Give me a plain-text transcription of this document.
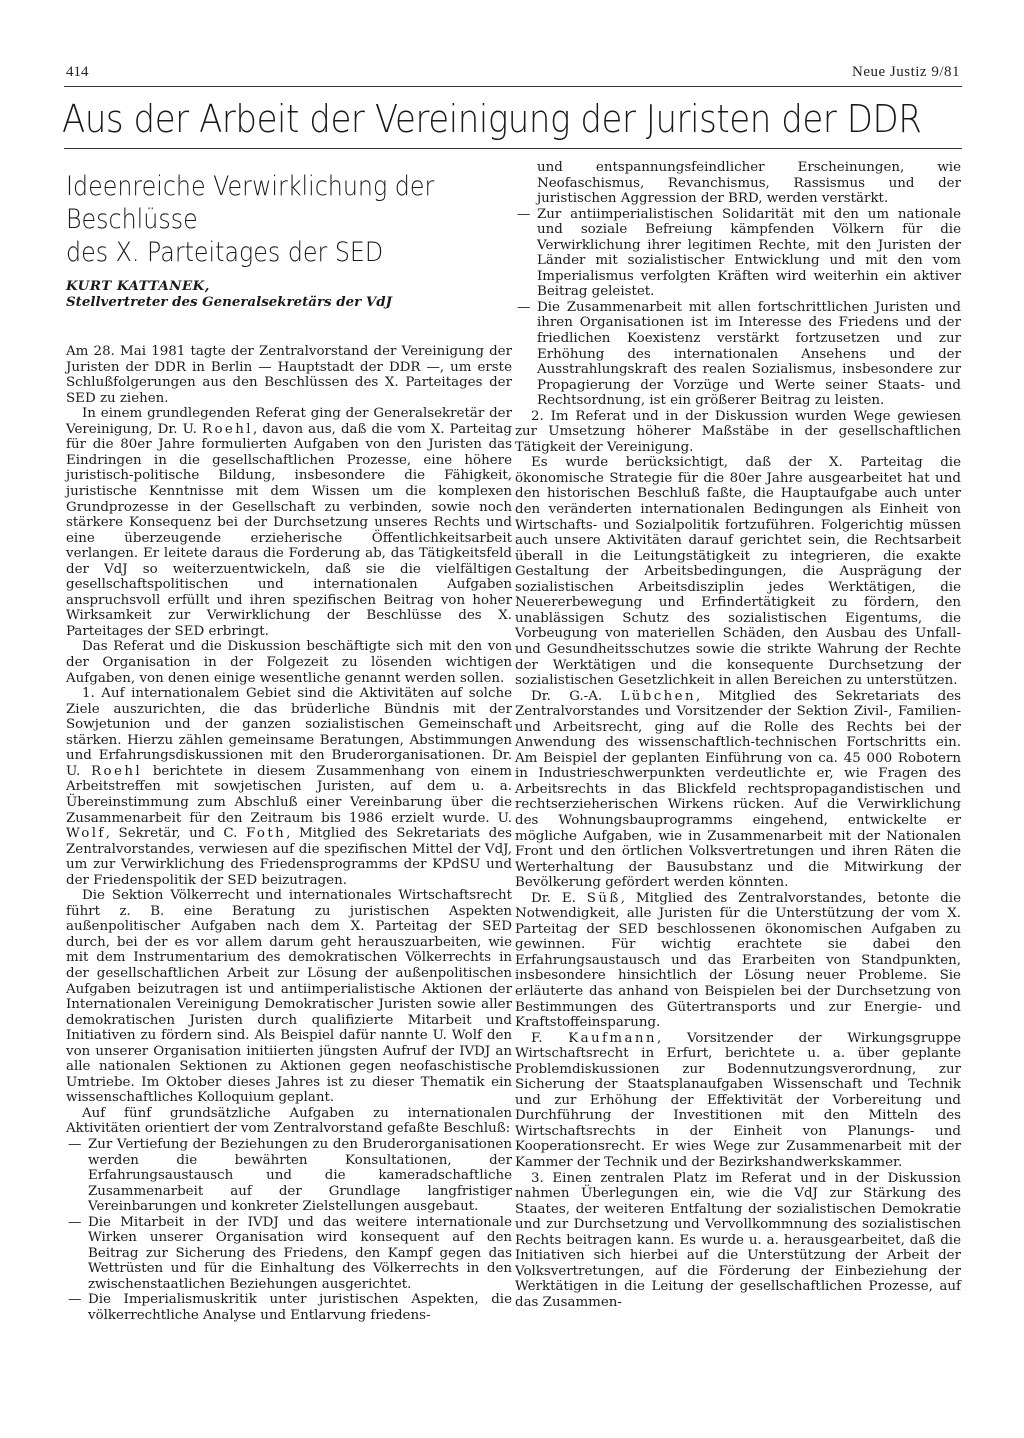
414	Neue Justiz 9/81
Aus der Arbeit der Vereinigung der Juristen der DDR
Ideenreiche Verwirklichung der Beschlüsse
des X. Parteitages der SED
KURT KATTANEK,
Stellvertreter des Generalsekretärs der VdJ

Am 28. Mai 1981 tagte der Zentralvorstand der Vereinigung der Juristen der DDR in Berlin — Hauptstadt der DDR —, um erste Schlußfolgerungen aus den Beschlüssen des X. Parteitages der SED zu ziehen.

In einem grundlegenden Referat ging der Generalsekretär der Vereinigung, Dr. U. Roehl, davon aus, daß die vom X. Parteitag für die 80er Jahre formulierten Aufgaben von den Juristen das Eindringen in die gesellschaftlichen Prozesse, eine höhere juristisch-politische Bildung, insbesondere die Fähigkeit, juristische Kenntnisse mit dem Wissen um die komplexen Grundprozesse in der Gesellschaft zu verbinden, sowie noch stärkere Konsequenz bei der Durchsetzung unseres Rechts und eine überzeugende erzieherische Öffentlichkeitsarbeit verlangen. Er leitete daraus die Forderung ab, das Tätigkeitsfeld der VdJ so weiterzuentwickeln, daß sie die vielfältigen gesellschaftspolitischen und internationalen Aufgaben anspruchsvoll erfüllt und ihren spezifischen Beitrag von hoher Wirksamkeit zur Verwirklichung der Beschlüsse des X. Parteitages der SED erbringt.

Das Referat und die Diskussion beschäftigte sich mit den von der Organisation in der Folgezeit zu lösenden wichtigen Aufgaben, von denen einige wesentliche genannt werden sollen.

1. Auf internationalem Gebiet sind die Aktivitäten auf solche Ziele auszurichten, die das brüderliche Bündnis mit der Sowjetunion und der ganzen sozialistischen Gemeinschaft stärken. Hierzu zählen gemeinsame Beratungen, Abstimmungen und Erfahrungsdiskussionen mit den Bruderorganisationen. Dr. U. Roehl berichtete in diesem Zusammenhang von einem Arbeitstreffen mit sowjetischen Juristen, auf dem u. a. Übereinstimmung zum Abschluß einer Vereinbarung über die Zusammenarbeit für den Zeitraum bis 1986 erzielt wurde. U. Wolf, Sekretär, und C. Foth, Mitglied des Sekretariats des Zentralvorstandes, verwiesen auf die spezifischen Mittel der VdJ, um zur Verwirklichung des Friedensprogramms der KPdSU und der Friedenspolitik der SED beizutragen.

Die Sektion Völkerrecht und internationales Wirtschaftsrecht führt z. B. eine Beratung zu juristischen Aspekten außenpolitischer Aufgaben nach dem X. Parteitag der SED durch, bei der es vor allem darum geht herauszuarbeiten, wie mit dem Instrumentarium des demokratischen Völkerrechts in der gesellschaftlichen Arbeit zur Lösung der außenpolitischen Aufgaben beizutragen ist und antiimperialistische Aktionen der Internationalen Vereinigung Demokratischer Juristen sowie aller demokratischen Juristen durch qualifizierte Mitarbeit und Initiativen zu fördern sind. Als Beispiel dafür nannte U. Wolf den von unserer Organisation initiierten jüngsten Aufruf der IVDJ an alle nationalen Sektionen zu Aktionen gegen neofaschistische Umtriebe. Im Oktober dieses Jahres ist zu dieser Thematik ein wissenschaftliches Kolloquium geplant.

Auf fünf grundsätzliche Aufgaben zu internationalen Aktivitäten orientiert der vom Zentralvorstand gefaßte Beschluß:

— Zur Vertiefung der Beziehungen zu den Bruderorganisationen werden die bewährten Konsultationen, der Erfahrungsaustausch und die kameradschaftliche Zusammenarbeit auf der Grundlage langfristiger Vereinbarungen und konkreter Zielstellungen ausgebaut.
— Die Mitarbeit in der IVDJ und das weitere internationale Wirken unserer Organisation wird konsequent auf den Beitrag zur Sicherung des Friedens, den Kampf gegen das Wettrüsten und für die Einhaltung des Völkerrechts in den zwischenstaatlichen Beziehungen ausgerichtet.
— Die Imperialismuskritik unter juristischen Aspekten, die völkerrechtliche Analyse und Entlarvung friedens-

und entspannungsfeindlicher Erscheinungen, wie Neofaschismus, Revanchismus, Rassismus und der juristischen Aggression der BRD, werden verstärkt.

— Zur antiimperialistischen Solidarität mit den um nationale und soziale Befreiung kämpfenden Völkern für die Verwirklichung ihrer legitimen Rechte, mit den Juristen der Länder mit sozialistischer Entwicklung und mit den vom Imperialismus verfolgten Kräften wird weiterhin ein aktiver Beitrag geleistet.
— Die Zusammenarbeit mit allen fortschrittlichen Juristen und ihren Organisationen ist im Interesse des Friedens und der friedlichen Koexistenz verstärkt fortzusetzen und zur Erhöhung des internationalen Ansehens und der Ausstrahlungskraft des realen Sozialismus, insbesondere zur Propagierung der Vorzüge und Werte seiner Staats- und Rechtsordnung, ist ein größerer Beitrag zu leisten.

2. Im Referat und in der Diskussion wurden Wege gewiesen zur Umsetzung höherer Maßstäbe in der gesellschaftlichen Tätigkeit der Vereinigung.

Es wurde berücksichtigt, daß der X. Parteitag die ökonomische Strategie für die 80er Jahre ausgearbeitet hat und den historischen Beschluß faßte, die Hauptaufgabe auch unter den veränderten internationalen Bedingungen als Einheit von Wirtschafts- und Sozialpolitik fortzuführen. Folgerichtig müssen auch unsere Aktivitäten darauf gerichtet sein, die Rechtsarbeit überall in die Leitungstätigkeit zu integrieren, die exakte Gestaltung der Arbeitsbedingungen, die Ausprägung der sozialistischen Arbeitsdisziplin jedes Werktätigen, die Neuererbewegung und Erfindertätigkeit zu fördern, den unablässigen Schutz des sozialistischen Eigentums, die Vorbeugung von materiellen Schäden, den Ausbau des Unfall- und Gesundheitsschutzes sowie die strikte Wahrung der Rechte der Werktätigen und die konsequente Durchsetzung der sozialistischen Gesetzlichkeit in allen Bereichen zu unterstützen.

Dr. G.-A. Lübchen, Mitglied des Sekretariats des Zentralvorstandes und Vorsitzender der Sektion Zivil-, Familien- und Arbeitsrecht, ging auf die Rolle des Rechts bei der Anwendung des wissenschaftlich-technischen Fortschritts ein. Am Beispiel der geplanten Einführung von ca. 45 000 Robotern in Industrieschwerpunkten verdeutlichte er, wie Fragen des Arbeitsrechts in das Blickfeld rechtspropagandistischen und rechtserzieherischen Wirkens rücken. Auf die Verwirklichung des Wohnungsbauprogramms eingehend, entwickelte er mögliche Aufgaben, wie in Zusammenarbeit mit der Nationalen Front und den örtlichen Volksvertretungen und ihren Räten die Werterhaltung der Bausubstanz und die Mitwirkung der Bevölkerung gefördert werden könnten.

Dr. E. Süß, Mitglied des Zentralvorstandes, betonte die Notwendigkeit, alle Juristen für die Unterstützung der vom X. Parteitag der SED beschlossenen ökonomischen Aufgaben zu gewinnen. Für wichtig erachtete sie dabei den Erfahrungsaustausch und das Erarbeiten von Standpunkten, insbesondere hinsichtlich der Lösung neuer Probleme. Sie erläuterte das anhand von Beispielen bei der Durchsetzung von Bestimmungen des Gütertransports und zur Energie- und Kraftstoffeinsparung.

F. Kaufmann, Vorsitzender der Wirkungsgruppe Wirtschaftsrecht in Erfurt, berichtete u. a. über geplante Problemdiskussionen zur Bodennutzungsverordnung, zur Sicherung der Staatsplanaufgaben Wissenschaft und Technik und zur Erhöhung der Effektivität der Vorbereitung und Durchführung der Investitionen mit den Mitteln des Wirtschaftsrechts in der Einheit von Planungs- und Kooperationsrecht. Er wies Wege zur Zusammenarbeit mit der Kammer der Technik und der Bezirkshandwerkskammer.

3. Einen zentralen Platz im Referat und in der Diskussion nahmen Überlegungen ein, wie die VdJ zur Stärkung des Staates, der weiteren Entfaltung der sozialistischen Demokratie und zur Durchsetzung und Vervollkommnung des sozialistischen Rechts beitragen kann. Es wurde u. a. herausgearbeitet, daß die Initiativen sich hierbei auf die Unterstützung der Arbeit der Volksvertretungen, auf die Förderung der Einbeziehung der Werktätigen in die Leitung der gesellschaftlichen Prozesse, auf das Zusammen-
